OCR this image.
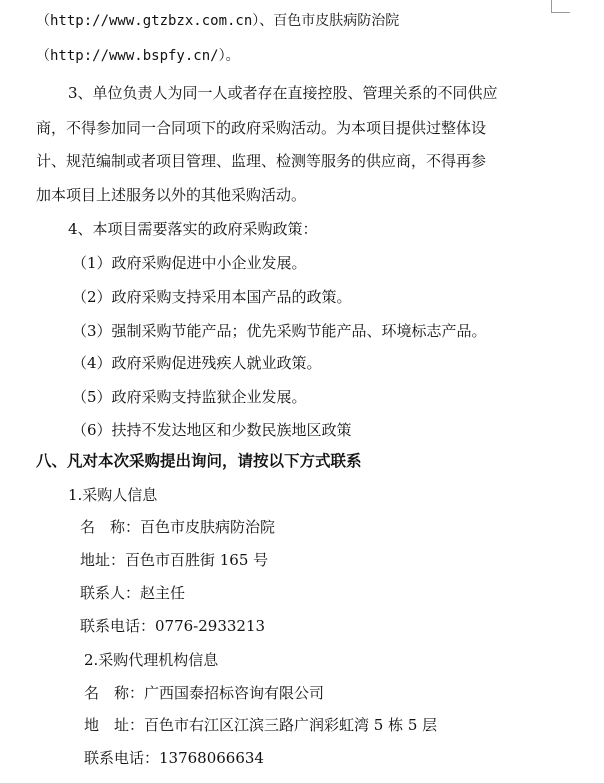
（http://www.gtzbzx.com.cn）、百色市皮肤病防治院
（http://www.bspfy.cn/）。
3、单位负责人为同一人或者存在直接控股、管理关系的不同供应
商，不得参加同一合同项下的政府采购活动。为本项目提供过整体设
计、规范编制或者项目管理、监理、检测等服务的供应商，不得再参
加本项目上述服务以外的其他采购活动。
4、本项目需要落实的政府采购政策：
（1）政府采购促进中小企业发展。
（2）政府采购支持采用本国产品的政策。
（3）强制采购节能产品；优先采购节能产品、环境标志产品。
（4）政府采购促进残疾人就业政策。
（5）政府采购支持监狱企业发展。
（6）扶持不发达地区和少数民族地区政策
八、凡对本次采购提出询问，请按以下方式联系
1.采购人信息
名　称：百色市皮肤病防治院
地址：百色市百胜街 165 号
联系人：赵主任
联系电话：0776-2933213
2.采购代理机构信息
名　称：广西国泰招标咨询有限公司
地　址：百色市右江区江滨三路广润彩虹湾 5 栋 5 层
联系电话：13768066634
